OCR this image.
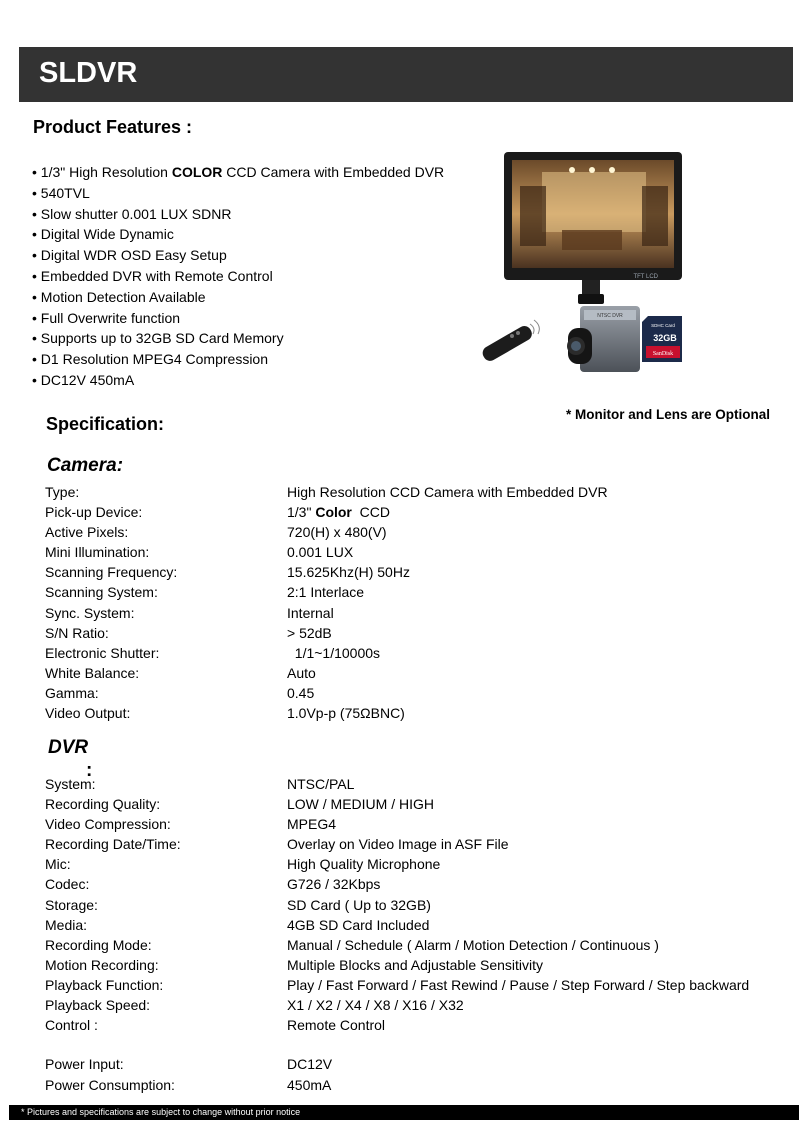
SLDVR
Product Features :
• 1/3" High Resolution COLOR CCD Camera with Embedded DVR
• 540TVL
• Slow shutter 0.001 LUX SDNR
• Digital Wide Dynamic
• Digital WDR OSD Easy Setup
• Embedded DVR with Remote Control
• Motion Detection Available
• Full Overwrite function
• Supports up to 32GB SD Card Memory
• D1 Resolution MPEG4 Compression
• DC12V 450mA
TFT LCD
NTSC DVR
SDHC Card
32GB
SanDisk
* Monitor and Lens are Optional
Specification:
Camera:
Type:	High Resolution CCD Camera with Embedded DVR
Pick-up Device:	1/3" Color  CCD
Active Pixels:	720(H) x 480(V)
Mini Illumination:	0.001 LUX
Scanning Frequency:	15.625Khz(H) 50Hz
Scanning System:	2:1 Interlace
Sync. System:	Internal
S/N Ratio:	> 52dB
Electronic Shutter:	1/1~1/10000s
White Balance:	Auto
Gamma:	0.45
Video Output:	1.0Vp-p (75ΩBNC)
DVR
:
System:	NTSC/PAL
Recording Quality:	LOW / MEDIUM / HIGH
Video Compression:	MPEG4
Recording Date/Time:	Overlay on Video Image in ASF File
Mic:	High Quality Microphone
Codec:	G726 / 32Kbps
Storage:	SD Card ( Up to 32GB)
Media:	4GB SD Card Included
Recording Mode:	Manual / Schedule ( Alarm / Motion Detection / Continuous )
Motion Recording:	Multiple Blocks and Adjustable Sensitivity
Playback Function:	Play / Fast Forward / Fast Rewind / Pause / Step Forward / Step backward
Playback Speed:	X1 / X2 / X4 / X8 / X16 / X32
Control :	Remote Control
Power Input:	DC12V
Power Consumption:	450mA
* Pictures and specifications are subject to change without prior notice
